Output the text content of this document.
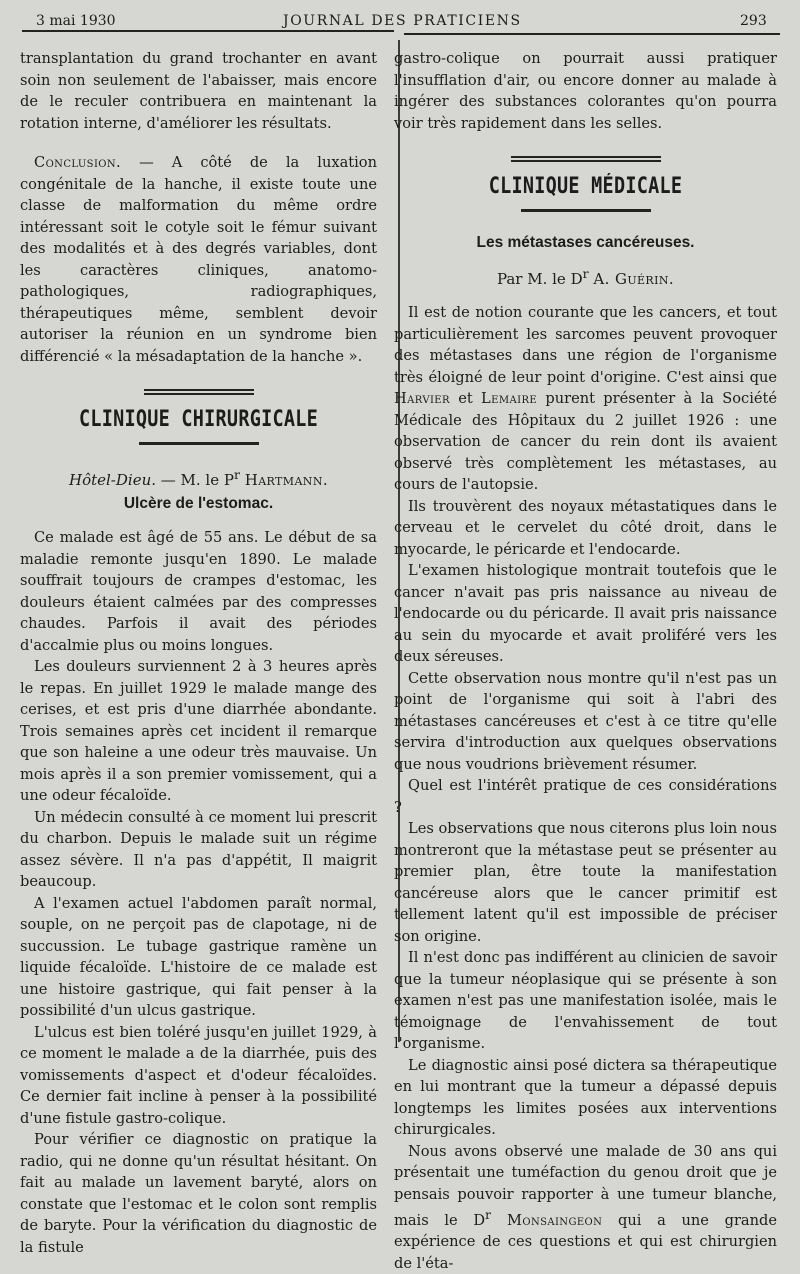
3 mai 1930	JOURNAL DES PRATICIENS	293

transplantation du grand trochanter en avant soin non seulement de l'abaisser, mais encore de le reculer contribuera en maintenant la rotation interne, d'améliorer les résultats.

Conclusion. — A côté de la luxation congénitale de la hanche, il existe toute une classe de malformation du même ordre intéressant soit le cotyle soit le fémur suivant des modalités et à des degrés variables, dont les caractères cliniques, anatomo-pathologiques, radiographiques, thérapeutiques même, semblent devoir autoriser la réunion en un syndrome bien différencié « la mésadaptation de la hanche ».

CLINIQUE CHIRURGICALE
Hôtel-Dieu. — M. le $P^r$ Hartmann.
Ulcère de l'estomac.

Ce malade est âgé de 55 ans. Le début de sa maladie remonte jusqu'en 1890. Le malade souffrait toujours de crampes d'estomac, les douleurs étaient calmées par des compresses chaudes. Parfois il avait des périodes d'accalmie plus ou moins longues.

Les douleurs surviennent 2 à 3 heures après le repas. En juillet 1929 le malade mange des cerises, et est pris d'une diarrhée abondante. Trois semaines après cet incident il remarque que son haleine a une odeur très mauvaise. Un mois après il a son premier vomissement, qui a une odeur fécaloïde.

Un médecin consulté à ce moment lui prescrit du charbon. Depuis le malade suit un régime assez sévère. Il n'a pas d'appétit, Il maigrit beaucoup.

A l'examen actuel l'abdomen paraît normal, souple, on ne perçoit pas de clapotage, ni de succussion. Le tubage gastrique ramène un liquide fécaloïde. L'histoire de ce malade est une histoire gastrique, qui fait penser à la possibilité d'un ulcus gastrique.

L'ulcus est bien toléré jusqu'en juillet 1929, à ce moment le malade a de la diarrhée, puis des vomissements d'aspect et d'odeur fécaloïdes. Ce dernier fait incline à penser à la possibilité d'une fistule gastro-colique.

Pour vérifier ce diagnostic on pratique la radio, qui ne donne qu'un résultat hésitant. On fait au malade un lavement baryté, alors on constate que l'estomac et le colon sont remplis de baryte. Pour la vérification du diagnostic de la fistule

gastro-colique on pourrait aussi pratiquer l'insufflation d'air, ou encore donner au malade à ingérer des substances colorantes qu'on pourra voir très rapidement dans les selles.

CLINIQUE MÉDICALE
Les métastases cancéreuses.
Par M. le $D^r$ A. Guérin.

Il est de notion courante que les cancers, et tout particulièrement les sarcomes peuvent provoquer des métastases dans une région de l'organisme très éloigné de leur point d'origine. C'est ainsi que Harvier et Lemaire purent présenter à la Société Médicale des Hôpitaux du 2 juillet 1926 : une observation de cancer du rein dont ils avaient observé très complètement les métastases, au cours de l'autopsie.

Ils trouvèrent des noyaux métastatiques dans le cerveau et le cervelet du côté droit, dans le myocarde, le péricarde et l'endocarde.

L'examen histologique montrait toutefois que le cancer n'avait pas pris naissance au niveau de l'endocarde ou du péricarde. Il avait pris naissance au sein du myocarde et avait proliféré vers les deux séreuses.

Cette observation nous montre qu'il n'est pas un point de l'organisme qui soit à l'abri des métastases cancéreuses et c'est à ce titre qu'elle servira d'introduction aux quelques observations que nous voudrions brièvement résumer.

Quel est l'intérêt pratique de ces considérations ?

Les observations que nous citerons plus loin nous montreront que la métastase peut se présenter au premier plan, être toute la manifestation cancéreuse alors que le cancer primitif est tellement latent qu'il est impossible de préciser son origine.

Il n'est donc pas indifférent au clinicien de savoir que la tumeur néoplasique qui se présente à son examen n'est pas une manifestation isolée, mais le témoignage de l'envahissement de tout l'organisme.

Le diagnostic ainsi posé dictera sa thérapeutique en lui montrant que la tumeur a dépassé depuis longtemps les limites posées aux interventions chirurgicales.

Nous avons observé une malade de 30 ans qui présentait une tuméfaction du genou droit que je pensais pouvoir rapporter à une tumeur blanche, mais le $D^r$ Monsaingeon qui a une grande expérience de ces questions et qui est chirurgien de l'éta-
